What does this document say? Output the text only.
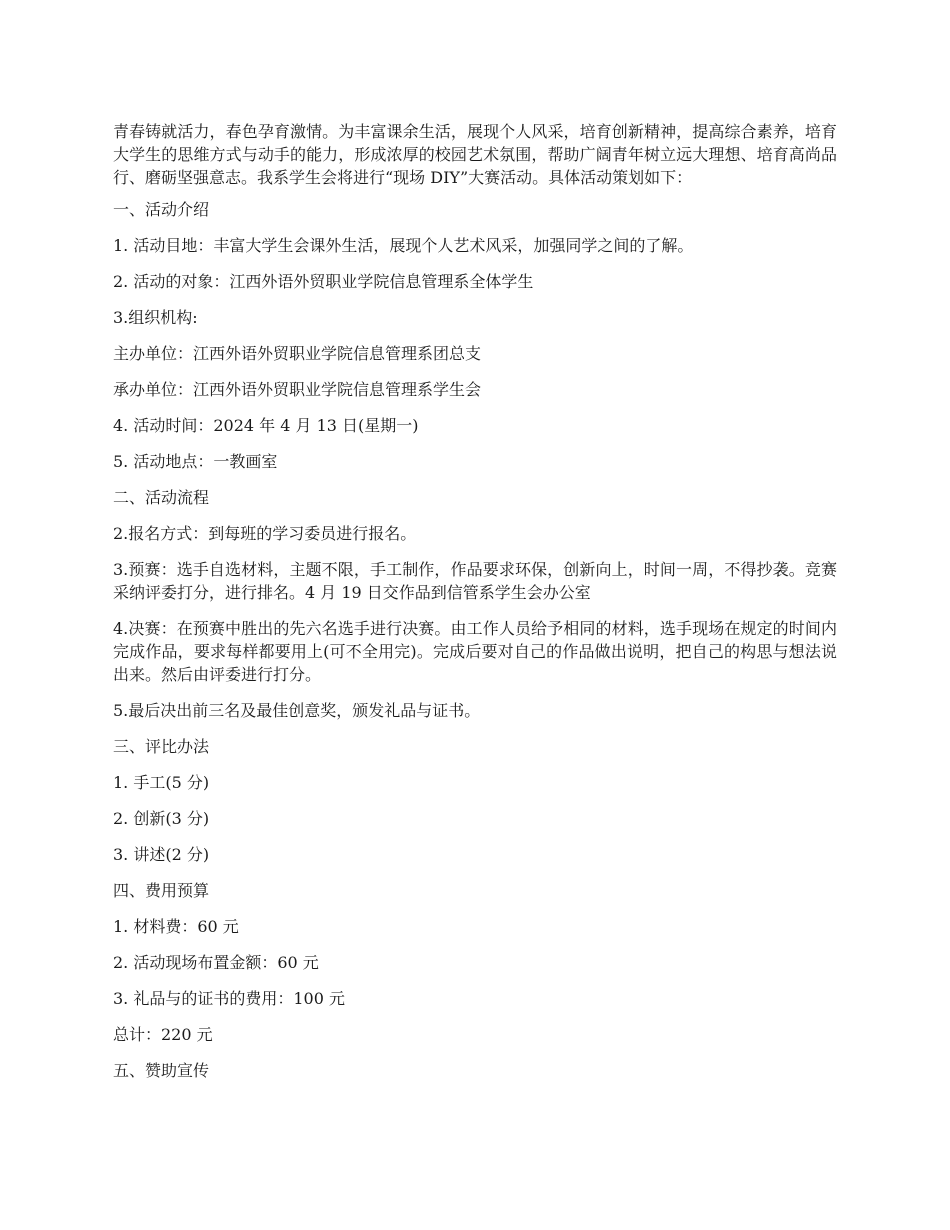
青春铸就活力，春色孕育激情。为丰富课余生活，展现个人风采，培育创新精神，提高综合素养，培育大学生的思维方式与动手的能力，形成浓厚的校园艺术氛围，帮助广阔青年树立远大理想、培育高尚品行、磨砺坚强意志。我系学生会将进行“现场 DIY”大赛活动。具体活动策划如下：

一、活动介绍

1. 活动目地：丰富大学生会课外生活，展现个人艺术风采，加强同学之间的了解。

2. 活动的对象：江西外语外贸职业学院信息管理系全体学生

3.组织机构:

主办单位：江西外语外贸职业学院信息管理系团总支

承办单位：江西外语外贸职业学院信息管理系学生会

4. 活动时间：2024 年 4 月 13 日(星期一)

5. 活动地点：一教画室

二、活动流程

2.报名方式：到每班的学习委员进行报名。

3.预赛：选手自选材料，主题不限，手工制作，作品要求环保，创新向上，时间一周，不得抄袭。竞赛采纳评委打分，进行排名。4 月 19 日交作品到信管系学生会办公室

4.决赛：在预赛中胜出的先六名选手进行决赛。由工作人员给予相同的材料，选手现场在规定的时间内完成作品，要求每样都要用上(可不全用完)。完成后要对自己的作品做出说明，把自己的构思与想法说出来。然后由评委进行打分。

5.最后决出前三名及最佳创意奖，颁发礼品与证书。

三、评比办法

1. 手工(5 分)

2. 创新(3 分)

3. 讲述(2 分)

四、费用预算

1. 材料费：60 元

2. 活动现场布置金额：60 元

3. 礼品与的证书的费用：100 元

总计：220 元

五、赞助宣传
